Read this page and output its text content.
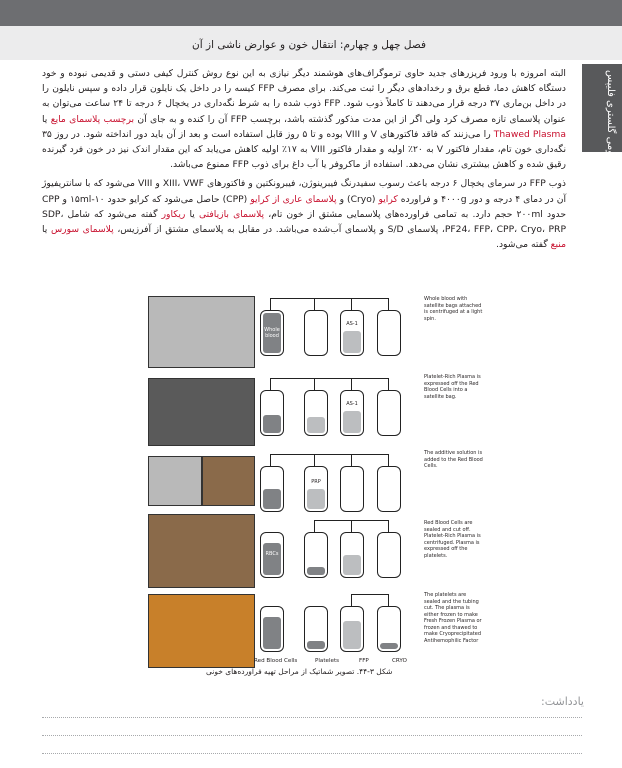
فصل چهل و چهارم: انتقال خون و عوارض ناشی از آن
آناتومی گلستری فلیپس

البته امروزه با ورود فریزرهای جدید حاوی ترموگراف‌های هوشمند دیگر نیازی به این نوع روش کنترل کیفی دستی و قدیمی نبوده و خود دستگاه کاهش دما، قطع برق و رخدادهای دیگر را ثبت می‌کند. برای مصرف FFP کیسه را در داخل یک نایلون قرار داده و سپس نایلون را در داخل بن‌ماری ۳۷ درجه قرار می‌دهند تا کاملاً ذوب شود. FFP ذوب شده را به شرط نگه‌داری در یخچال ۶ درجه تا ۲۴ ساعت می‌توان به عنوان پلاسمای تازه مصرف کرد ولی اگر از این مدت مذکور گذشته باشد، برچسب FFP آن را کنده و به جای آن برچسب پلاسمای مایع یا Thawed Plasma را می‌زنند که فاقد فاکتورهای V و VIII بوده و تا ۵ روز قابل استفاده است و بعد از آن باید دور انداخته شود. در روز ۳۵ نگه‌داری خون تام، مقدار فاکتور V به ۲۰٪ اولیه و مقدار فاکتور VIII به ۱۷٪ اولیه کاهش می‌یابد که این مقدار اندک نیز در خون فرد گیرنده رقیق شده و کاهش بیشتری نشان می‌دهد. استفاده از ماکروفر یا آب داغ برای ذوب FFP ممنوع می‌باشد.

ذوب FFP در سرمای یخچال ۶ درجه باعث رسوب سفیدرنگ فیبرینوژن، فیبرونکتین و فاکتورهای XIII، VWF و VIII می‌شود که با سانتریفیوژ آن در دمای ۴ درجه و دور ۴۰۰۰g و فراورده کرایو (Cryo) و پلاسمای عاری از کرایو (CPP) حاصل می‌شود که کرایو حدود ۱۵ml-۱۰ و CPP حدود ۲۰۰ml حجم دارد. به تمامی فراورده‌های پلاسمایی مشتق از خون تام، پلاسمای بازیافتی یا ریکاور گفته می‌شود که شامل SDP، PF24، FFP، CPP، Cryo، PRP، پلاسمای S/D و پلاسمای آب‌شده می‌باشد. در مقابل به پلاسمای مشتق از آفرزیس، پلاسمای سورس یا منبع گفته می‌شود.

Whole blood
AS-1
AS-1
PRP
RBCs
Red Blood Cells	Platelets	FFP	CRYO
Whole blood with satellite bags attached is centrifuged at a light spin.
Platelet-Rich Plasma is expressed off the Red Blood Cells into a satellite bag.
The additive solution is added to the Red Blood Cells.
Red Blood Cells are sealed and cut off. Platelet-Rich Plasma is centrifuged. Plasma is expressed off the platelets.
The platelets are sealed and the tubing cut. The plasma is either frozen to make Fresh Frozen Plasma or frozen and thawed to make Cryoprecipitated Antihemophilic Factor
شکل ۳-۴۴. تصویر شماتیک از مراحل تهیه فراورده‌های خونی
یادداشت:
